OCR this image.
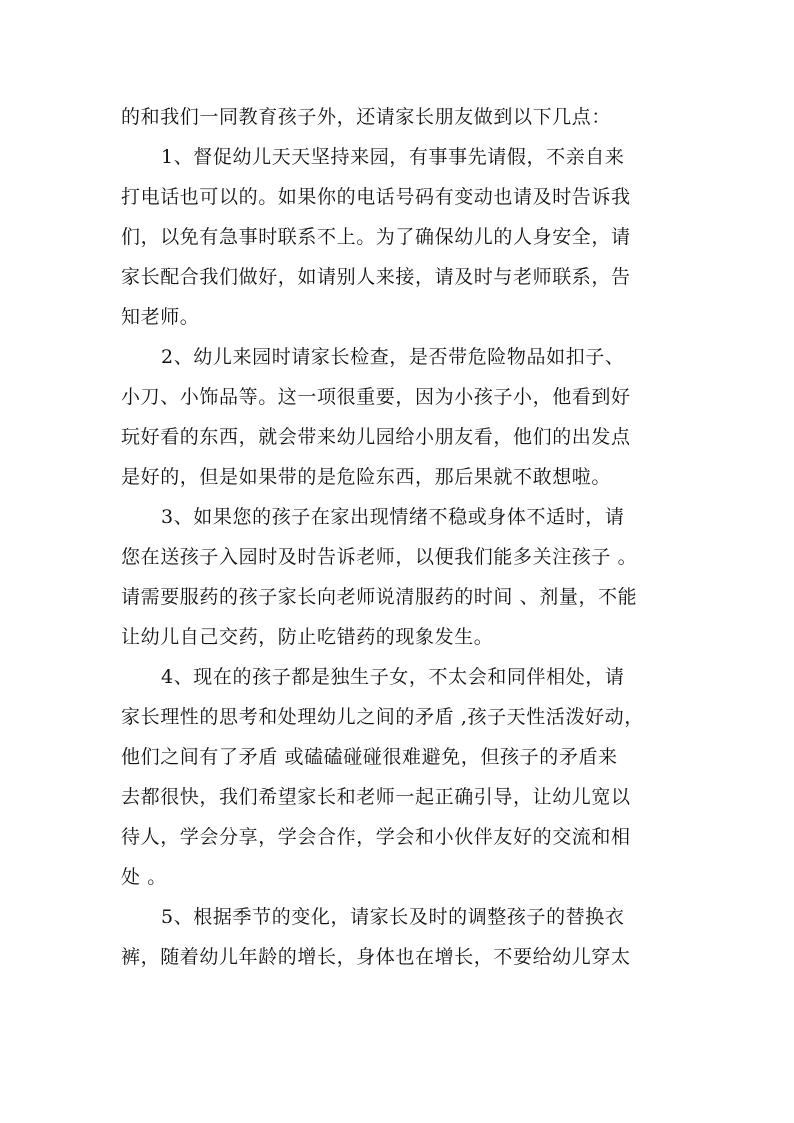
的和我们一同教育孩子外，还请家长朋友做到以下几点：
1、督促幼儿天天坚持来园，有事事先请假，不亲自来
打电话也可以的。如果你的电话号码有变动也请及时告诉我
们，以免有急事时联系不上。为了确保幼儿的人身安全，请
家长配合我们做好，如请别人来接，请及时与老师联系，告
知老师。
2、幼儿来园时请家长检查，是否带危险物品如扣子、
小刀、小饰品等。这一项很重要，因为小孩子小，他看到好
玩好看的东西，就会带来幼儿园给小朋友看，他们的出发点
是好的，但是如果带的是危险东西，那后果就不敢想啦。
3、如果您的孩子在家出现情绪不稳或身体不适时，请
您在送孩子入园时及时告诉老师，以便我们能多关注孩子 。
请需要服药的孩子家长向老师说清服药的时间 、剂量，不能
让幼儿自己交药，防止吃错药的现象发生。
4、现在的孩子都是独生子女，不太会和同伴相处，请
家长理性的思考和处理幼儿之间的矛盾 ,孩子天性活泼好动，
他们之间有了矛盾 或磕磕碰碰很难避免，但孩子的矛盾来
去都很快，我们希望家长和老师一起正确引导，让幼儿宽以
待人，学会分享，学会合作，学会和小伙伴友好的交流和相
处 。
5、根据季节的变化，请家长及时的调整孩子的替换衣
裤，随着幼儿年龄的增长，身体也在增长，不要给幼儿穿太
